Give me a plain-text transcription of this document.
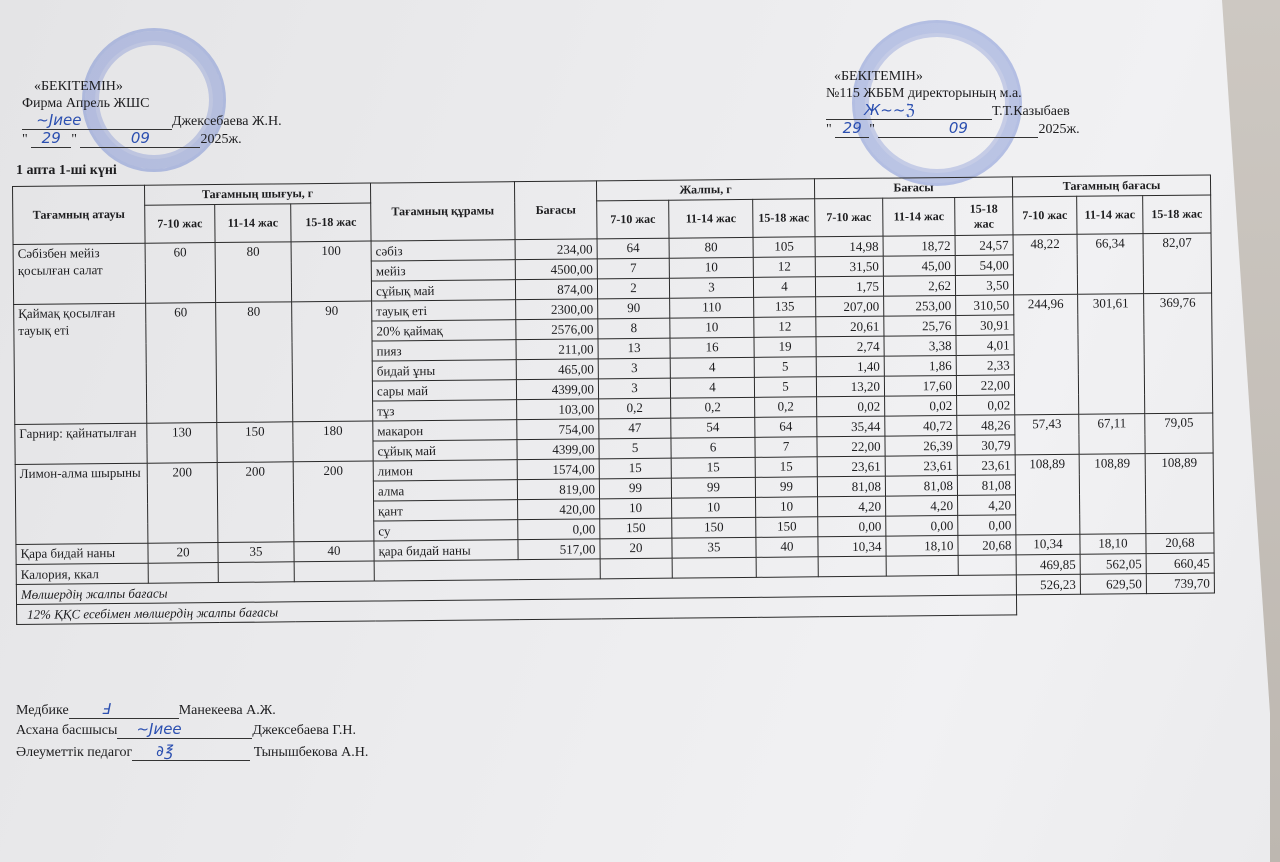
«БЕКІТЕМІН»
Фирма Апрель ЖШС
~Jиее	Джексебаева Ж.Н.
" 29 "	09	2025ж.
«БЕКІТЕМІН»
№115 ЖББМ директорының м.а.
Ж~~ℨ	Т.Т.Казыбаев
" 29 "	09	2025ж.
1 апта 1-ші күні
Тағамның атауы	Тағамның шығуы, г			Тағамның құрамы	Бағасы	Жалпы, г			Бағасы			Тағамның бағасы		
	7-10 жас	11-14 жас	15-18 жас			7-10 жас	11-14 жас	15-18 жас	7-10 жас	11-14 жас	15-18 жас	7-10 жас	11-14 жас	15-18 жас
Сәбізбен мейіз қосылған салат	60	80	100	сәбіз	234,00	64	80	105	14,98	18,72	24,57	48,22	66,34	82,07
				мейіз	4500,00	7	10	12	31,50	45,00	54,00			
				сұйық май	874,00	2	3	4	1,75	2,62	3,50			
Қаймақ қосылған тауық еті	60	80	90	тауық еті	2300,00	90	110	135	207,00	253,00	310,50	244,96	301,61	369,76
				20% қаймақ	2576,00	8	10	12	20,61	25,76	30,91			
				пияз	211,00	13	16	19	2,74	3,38	4,01			
				бидай ұны	465,00	3	4	5	1,40	1,86	2,33			
				сары май	4399,00	3	4	5	13,20	17,60	22,00			
				тұз	103,00	0,2	0,2	0,2	0,02	0,02	0,02			
Гарнир: қайнатылған	130	150	180	макарон	754,00	47	54	64	35,44	40,72	48,26	57,43	67,11	79,05
				сұйық май	4399,00	5	6	7	22,00	26,39	30,79			
Лимон-алма шырыны	200	200	200	лимон	1574,00	15	15	15	23,61	23,61	23,61	108,89	108,89	108,89
				алма	819,00	99	99	99	81,08	81,08	81,08			
				қант	420,00	10	10	10	4,20	4,20	4,20			
				су	0,00	150	150	150	0,00	0,00	0,00			
Қара бидай наны	20	35	40	қара бидай наны	517,00	20	35	40	10,34	18,10	20,68	10,34	18,10	20,68
Калория, ккал												469,85	562,05	660,45
Мөлшердің жалпы бағасы												526,23	629,50	739,70
12% ҚҚС есебімен мөлшердің жалпы бағасы														
Медбике       Ⅎ	Манекеева А.Ж.
Асхана басшысы    ~Jиее	Джексебаева Г.Н.
Әлеуметтік педагог     ∂℥	Тынышбекова А.Н.
